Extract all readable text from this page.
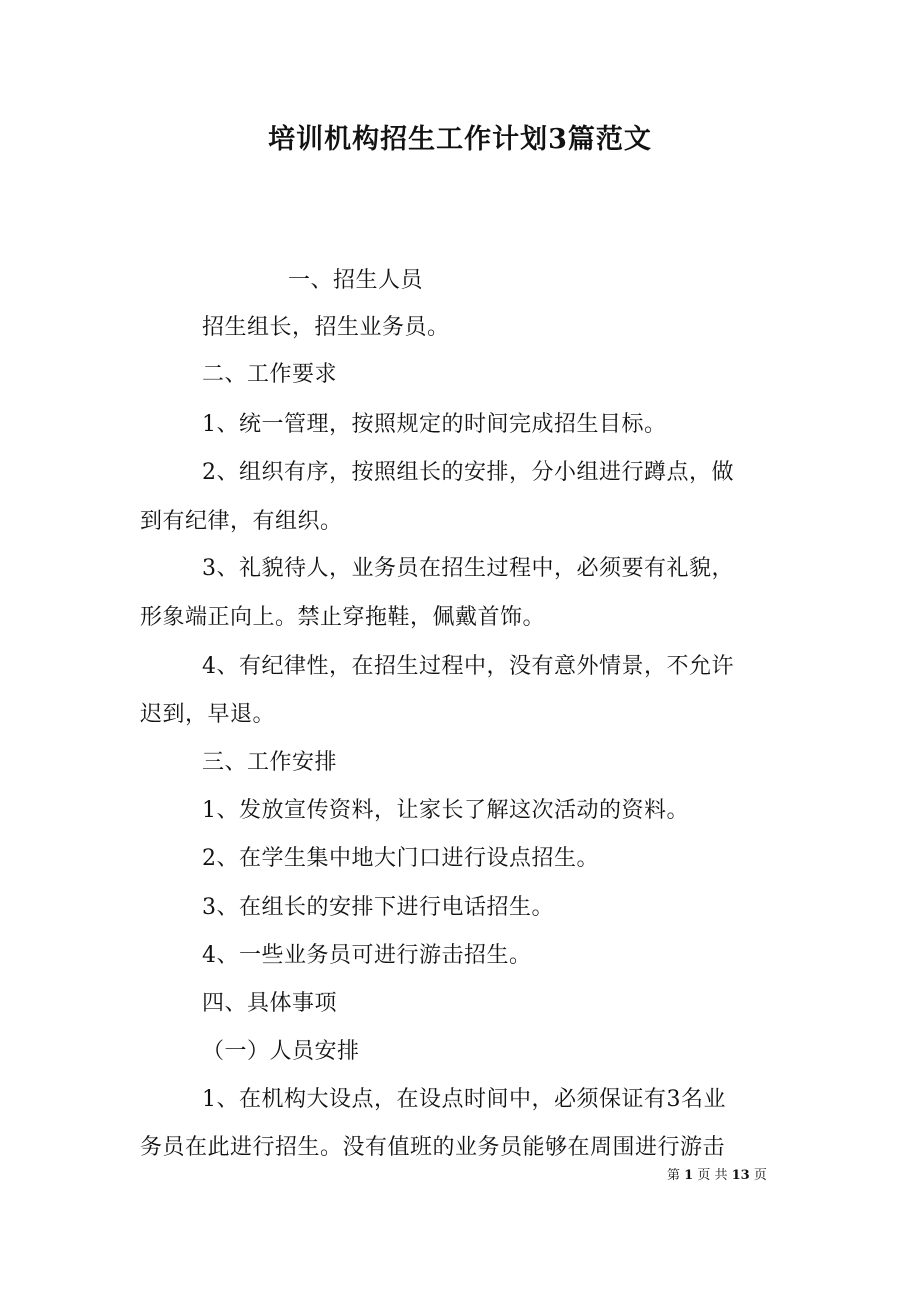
培训机构招生工作计划3篇范文
一、招生人员
招生组长，招生业务员。
二、工作要求
1、统一管理，按照规定的时间完成招生目标。
2、组织有序，按照组长的安排，分小组进行蹲点，做
到有纪律，有组织。
3、礼貌待人，业务员在招生过程中，必须要有礼貌，
形象端正向上。禁止穿拖鞋，佩戴首饰。
4、有纪律性，在招生过程中，没有意外情景，不允许
迟到，早退。
三、工作安排
1、发放宣传资料，让家长了解这次活动的资料。
2、在学生集中地大门口进行设点招生。
3、在组长的安排下进行电话招生。
4、一些业务员可进行游击招生。
四、具体事项
（一）人员安排
1、在机构大设点，在设点时间中，必须保证有3名业
务员在此进行招生。没有值班的业务员能够在周围进行游击
第 1 页 共 13 页
